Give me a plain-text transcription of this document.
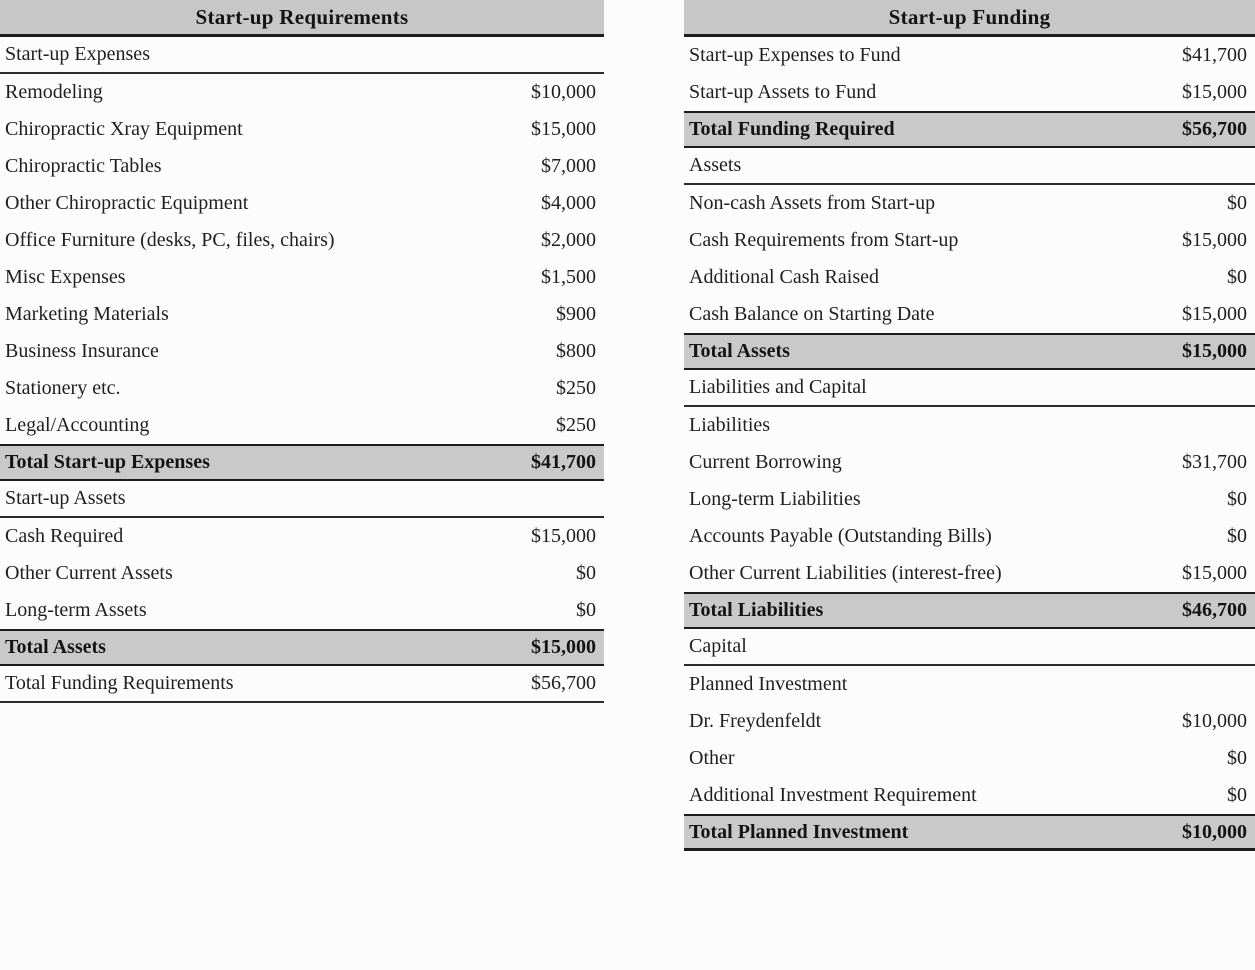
Start-up Requirements
Start-up Expenses
Remodeling	$10,000
Chiropractic Xray Equipment	$15,000
Chiropractic Tables	$7,000
Other Chiropractic Equipment	$4,000
Office Furniture (desks, PC, files, chairs)	$2,000
Misc Expenses	$1,500
Marketing Materials	$900
Business Insurance	$800
Stationery etc.	$250
Legal/Accounting	$250
Total Start-up Expenses	$41,700
Start-up Assets
Cash Required	$15,000
Other Current Assets	$0
Long-term Assets	$0
Total Assets	$15,000
Total Funding Requirements	$56,700
Start-up Funding
Start-up Expenses to Fund	$41,700
Start-up Assets to Fund	$15,000
Total Funding Required	$56,700
Assets
Non-cash Assets from Start-up	$0
Cash Requirements from Start-up	$15,000
Additional Cash Raised	$0
Cash Balance on Starting Date	$15,000
Total Assets	$15,000
Liabilities and Capital
Liabilities
Current Borrowing	$31,700
Long-term Liabilities	$0
Accounts Payable (Outstanding Bills)	$0
Other Current Liabilities (interest-free)	$15,000
Total Liabilities	$46,700
Capital
Planned Investment
Dr. Freydenfeldt	$10,000
Other	$0
Additional Investment Requirement	$0
Total Planned Investment	$10,000
